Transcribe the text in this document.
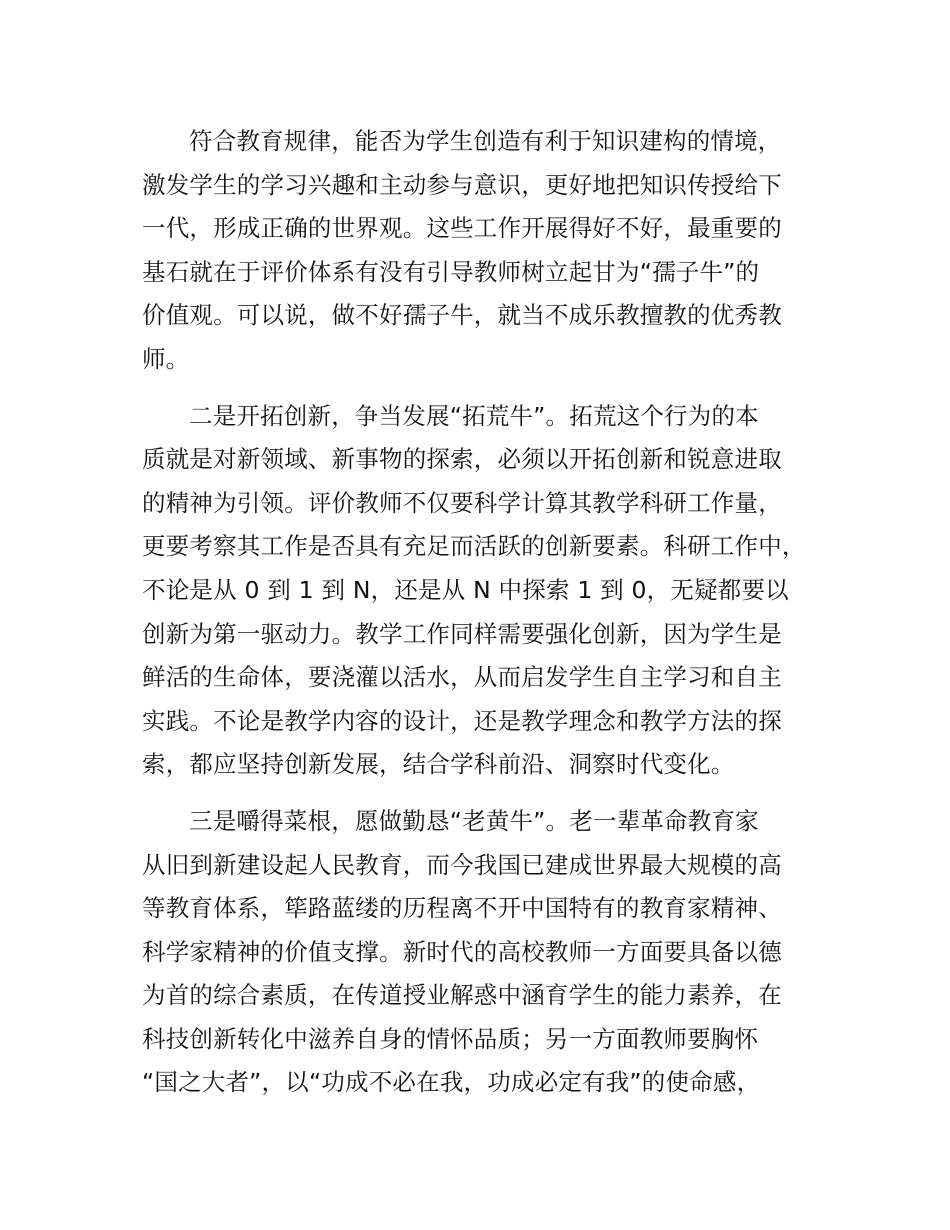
符合教育规律，能否为学生创造有利于知识建构的情境，
激发学生的学习兴趣和主动参与意识，更好地把知识传授给下
一代，形成正确的世界观。这些工作开展得好不好，最重要的
基石就在于评价体系有没有引导教师树立起甘为“孺子牛”的
价值观。可以说，做不好孺子牛，就当不成乐教擅教的优秀教
师。
二是开拓创新，争当发展“拓荒牛”。拓荒这个行为的本
质就是对新领域、新事物的探索，必须以开拓创新和锐意进取
的精神为引领。评价教师不仅要科学计算其教学科研工作量，
更要考察其工作是否具有充足而活跃的创新要素。科研工作中，
不论是从 0 到 1 到 N，还是从 N 中探索 1 到 0，无疑都要以
创新为第一驱动力。教学工作同样需要强化创新，因为学生是
鲜活的生命体，要浇灌以活水，从而启发学生自主学习和自主
实践。不论是教学内容的设计，还是教学理念和教学方法的探
索，都应坚持创新发展，结合学科前沿、洞察时代变化。
三是嚼得菜根，愿做勤恳“老黄牛”。老一辈革命教育家
从旧到新建设起人民教育，而今我国已建成世界最大规模的高
等教育体系，筚路蓝缕的历程离不开中国特有的教育家精神、
科学家精神的价值支撑。新时代的高校教师一方面要具备以德
为首的综合素质，在传道授业解惑中涵育学生的能力素养，在
科技创新转化中滋养自身的情怀品质；另一方面教师要胸怀
“国之大者”，以“功成不必在我，功成必定有我”的使命感，
